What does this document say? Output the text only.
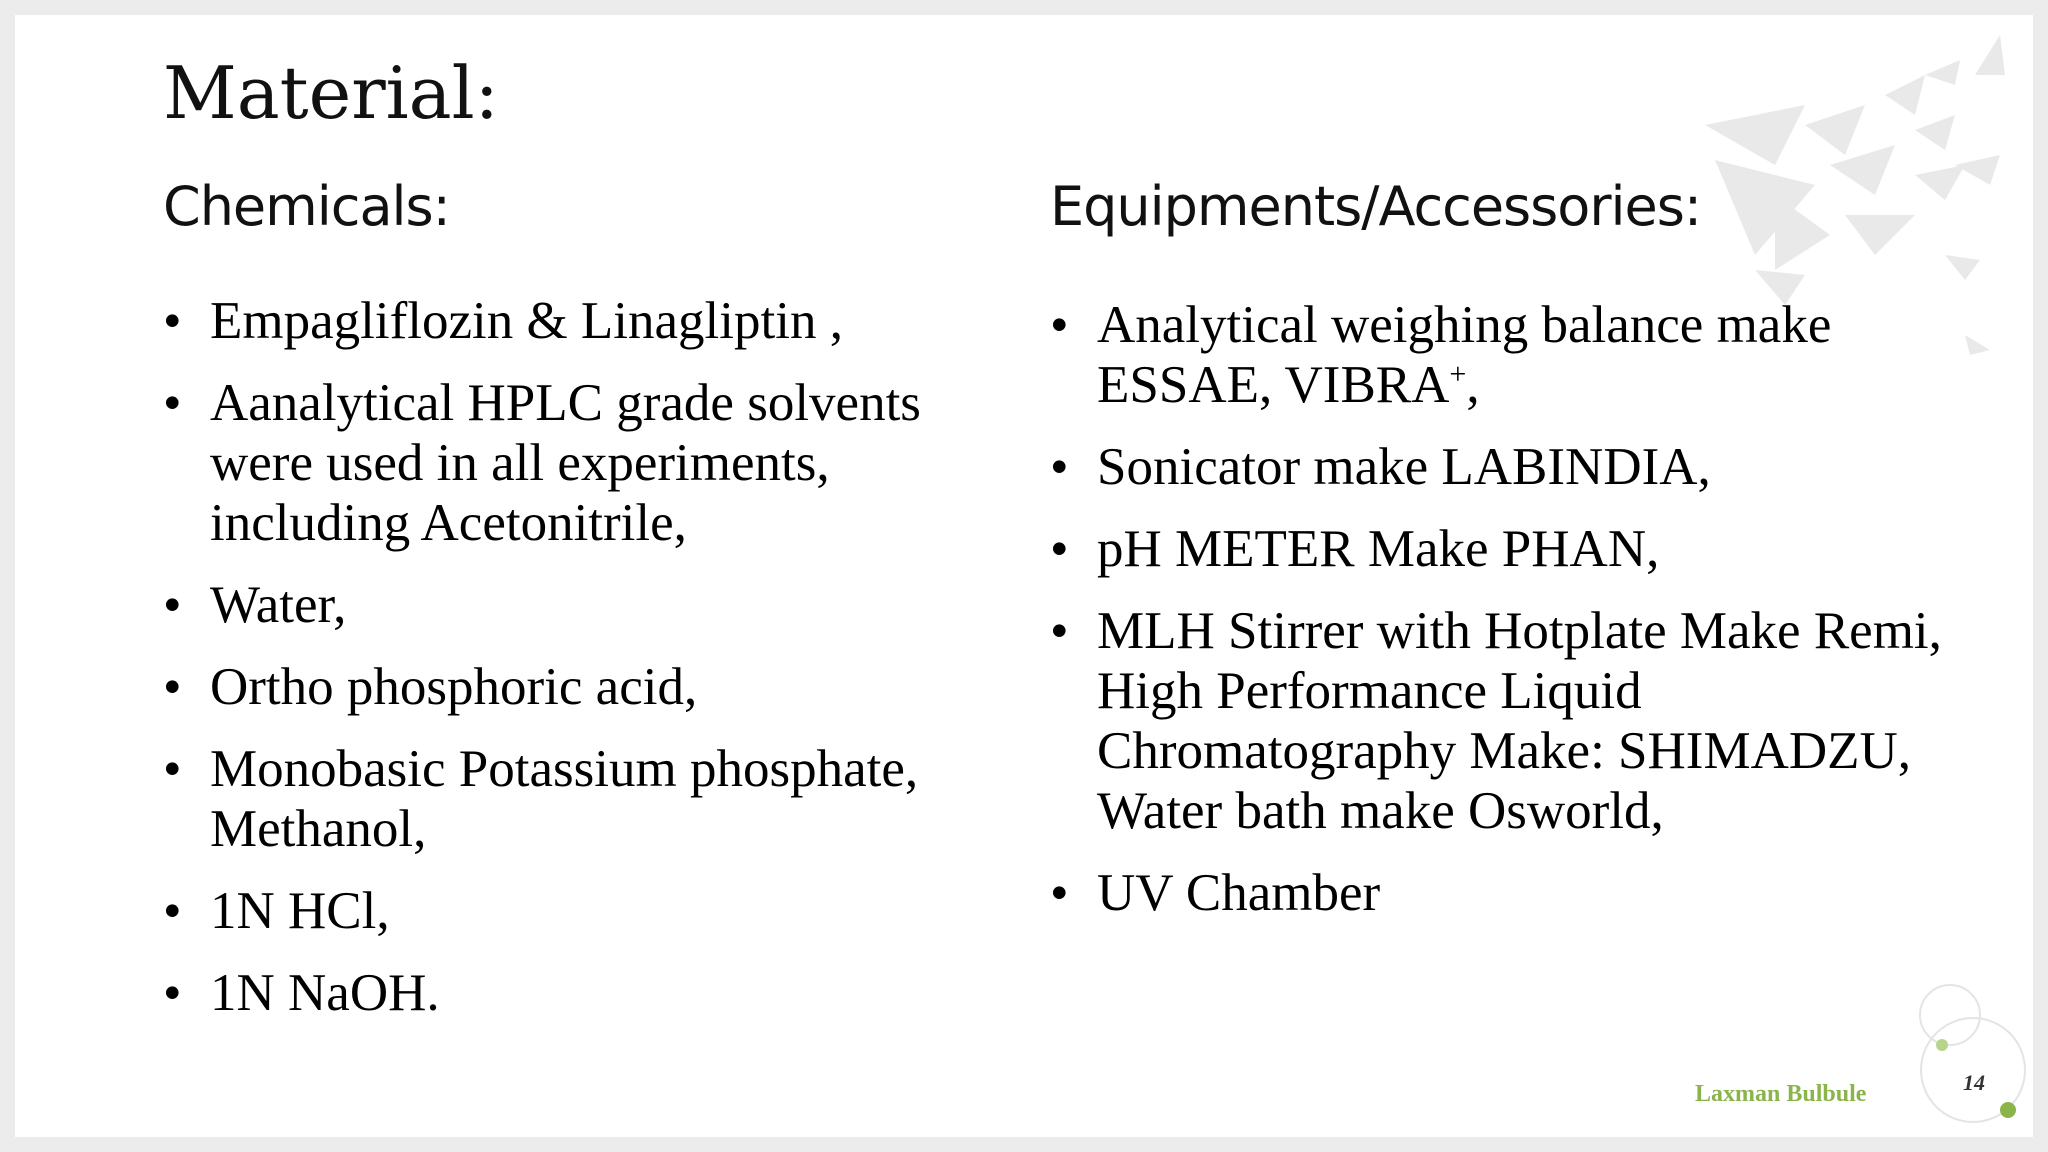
Material:
Chemicals:	Equipments/Accessories:
• Empagliflozin & Linagliptin ,
• Aanalytical HPLC grade solvents were used in all experiments, including Acetonitrile,
• Water,
• Ortho phosphoric acid,
• Monobasic Potassium phosphate, Methanol,
• 1N HCl,
• 1N NaOH.
• Analytical weighing balance make ESSAE, VIBRA+,
• Sonicator make LABINDIA,
• pH METER Make PHAN,
• MLH Stirrer with Hotplate Make Remi, High Performance Liquid Chromatography Make: SHIMADZU, Water bath make Osworld,
• UV Chamber
Laxman Bulbule	14
